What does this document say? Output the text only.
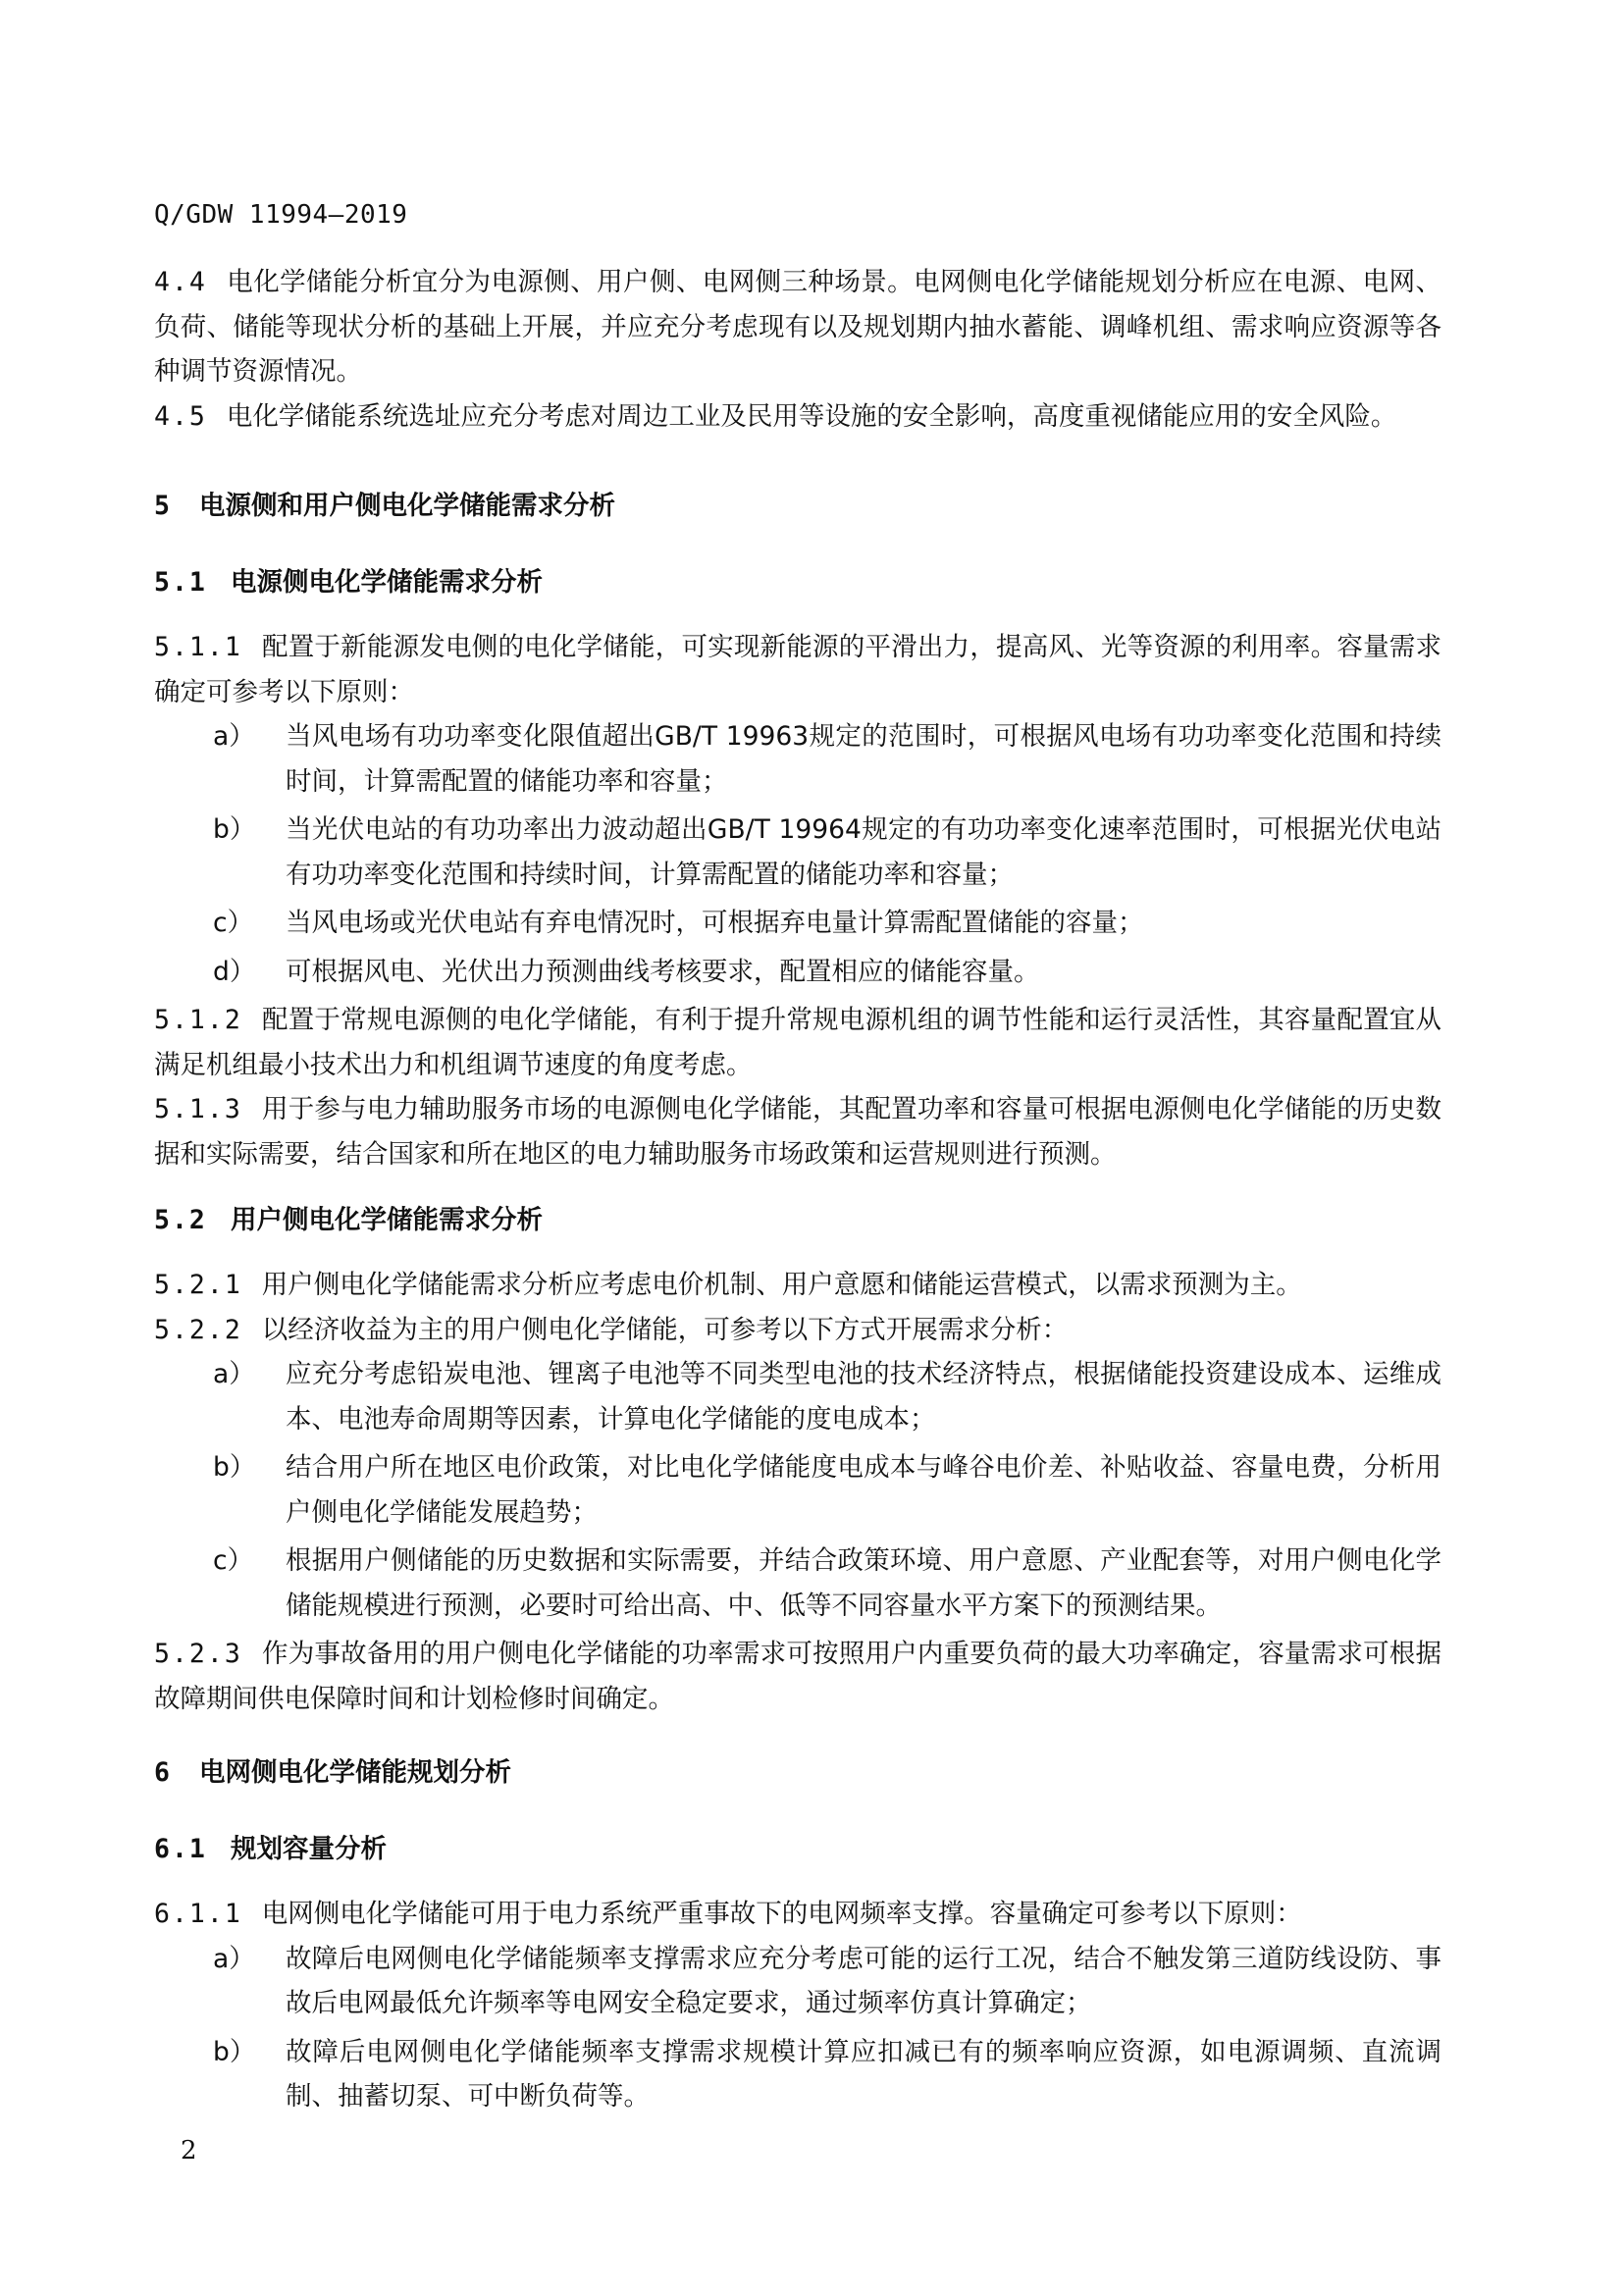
Q/GDW 11994—2019
4.4 电化学储能分析宜分为电源侧、用户侧、电网侧三种场景。电网侧电化学储能规划分析应在电源、电网、负荷、储能等现状分析的基础上开展，并应充分考虑现有以及规划期内抽水蓄能、调峰机组、需求响应资源等各种调节资源情况。
4.5 电化学储能系统选址应充分考虑对周边工业及民用等设施的安全影响，高度重视储能应用的安全风险。
5 电源侧和用户侧电化学储能需求分析
5.1 电源侧电化学储能需求分析
5.1.1 配置于新能源发电侧的电化学储能，可实现新能源的平滑出力，提高风、光等资源的利用率。容量需求确定可参考以下原则：
a） 当风电场有功功率变化限值超出GB/T 19963规定的范围时，可根据风电场有功功率变化范围和持续时间，计算需配置的储能功率和容量；
b） 当光伏电站的有功功率出力波动超出GB/T 19964规定的有功功率变化速率范围时，可根据光伏电站有功功率变化范围和持续时间，计算需配置的储能功率和容量；
c） 当风电场或光伏电站有弃电情况时，可根据弃电量计算需配置储能的容量；
d） 可根据风电、光伏出力预测曲线考核要求，配置相应的储能容量。
5.1.2 配置于常规电源侧的电化学储能，有利于提升常规电源机组的调节性能和运行灵活性，其容量配置宜从满足机组最小技术出力和机组调节速度的角度考虑。
5.1.3 用于参与电力辅助服务市场的电源侧电化学储能，其配置功率和容量可根据电源侧电化学储能的历史数据和实际需要，结合国家和所在地区的电力辅助服务市场政策和运营规则进行预测。
5.2 用户侧电化学储能需求分析
5.2.1 用户侧电化学储能需求分析应考虑电价机制、用户意愿和储能运营模式，以需求预测为主。
5.2.2 以经济收益为主的用户侧电化学储能，可参考以下方式开展需求分析：
a） 应充分考虑铅炭电池、锂离子电池等不同类型电池的技术经济特点，根据储能投资建设成本、运维成本、电池寿命周期等因素，计算电化学储能的度电成本；
b） 结合用户所在地区电价政策，对比电化学储能度电成本与峰谷电价差、补贴收益、容量电费，分析用户侧电化学储能发展趋势；
c） 根据用户侧储能的历史数据和实际需要，并结合政策环境、用户意愿、产业配套等，对用户侧电化学储能规模进行预测，必要时可给出高、中、低等不同容量水平方案下的预测结果。
5.2.3 作为事故备用的用户侧电化学储能的功率需求可按照用户内重要负荷的最大功率确定，容量需求可根据故障期间供电保障时间和计划检修时间确定。
6 电网侧电化学储能规划分析
6.1 规划容量分析
6.1.1 电网侧电化学储能可用于电力系统严重事故下的电网频率支撑。容量确定可参考以下原则：
a） 故障后电网侧电化学储能频率支撑需求应充分考虑可能的运行工况，结合不触发第三道防线设防、事故后电网最低允许频率等电网安全稳定要求，通过频率仿真计算确定；
b） 故障后电网侧电化学储能频率支撑需求规模计算应扣减已有的频率响应资源，如电源调频、直流调制、抽蓄切泵、可中断负荷等。
2
